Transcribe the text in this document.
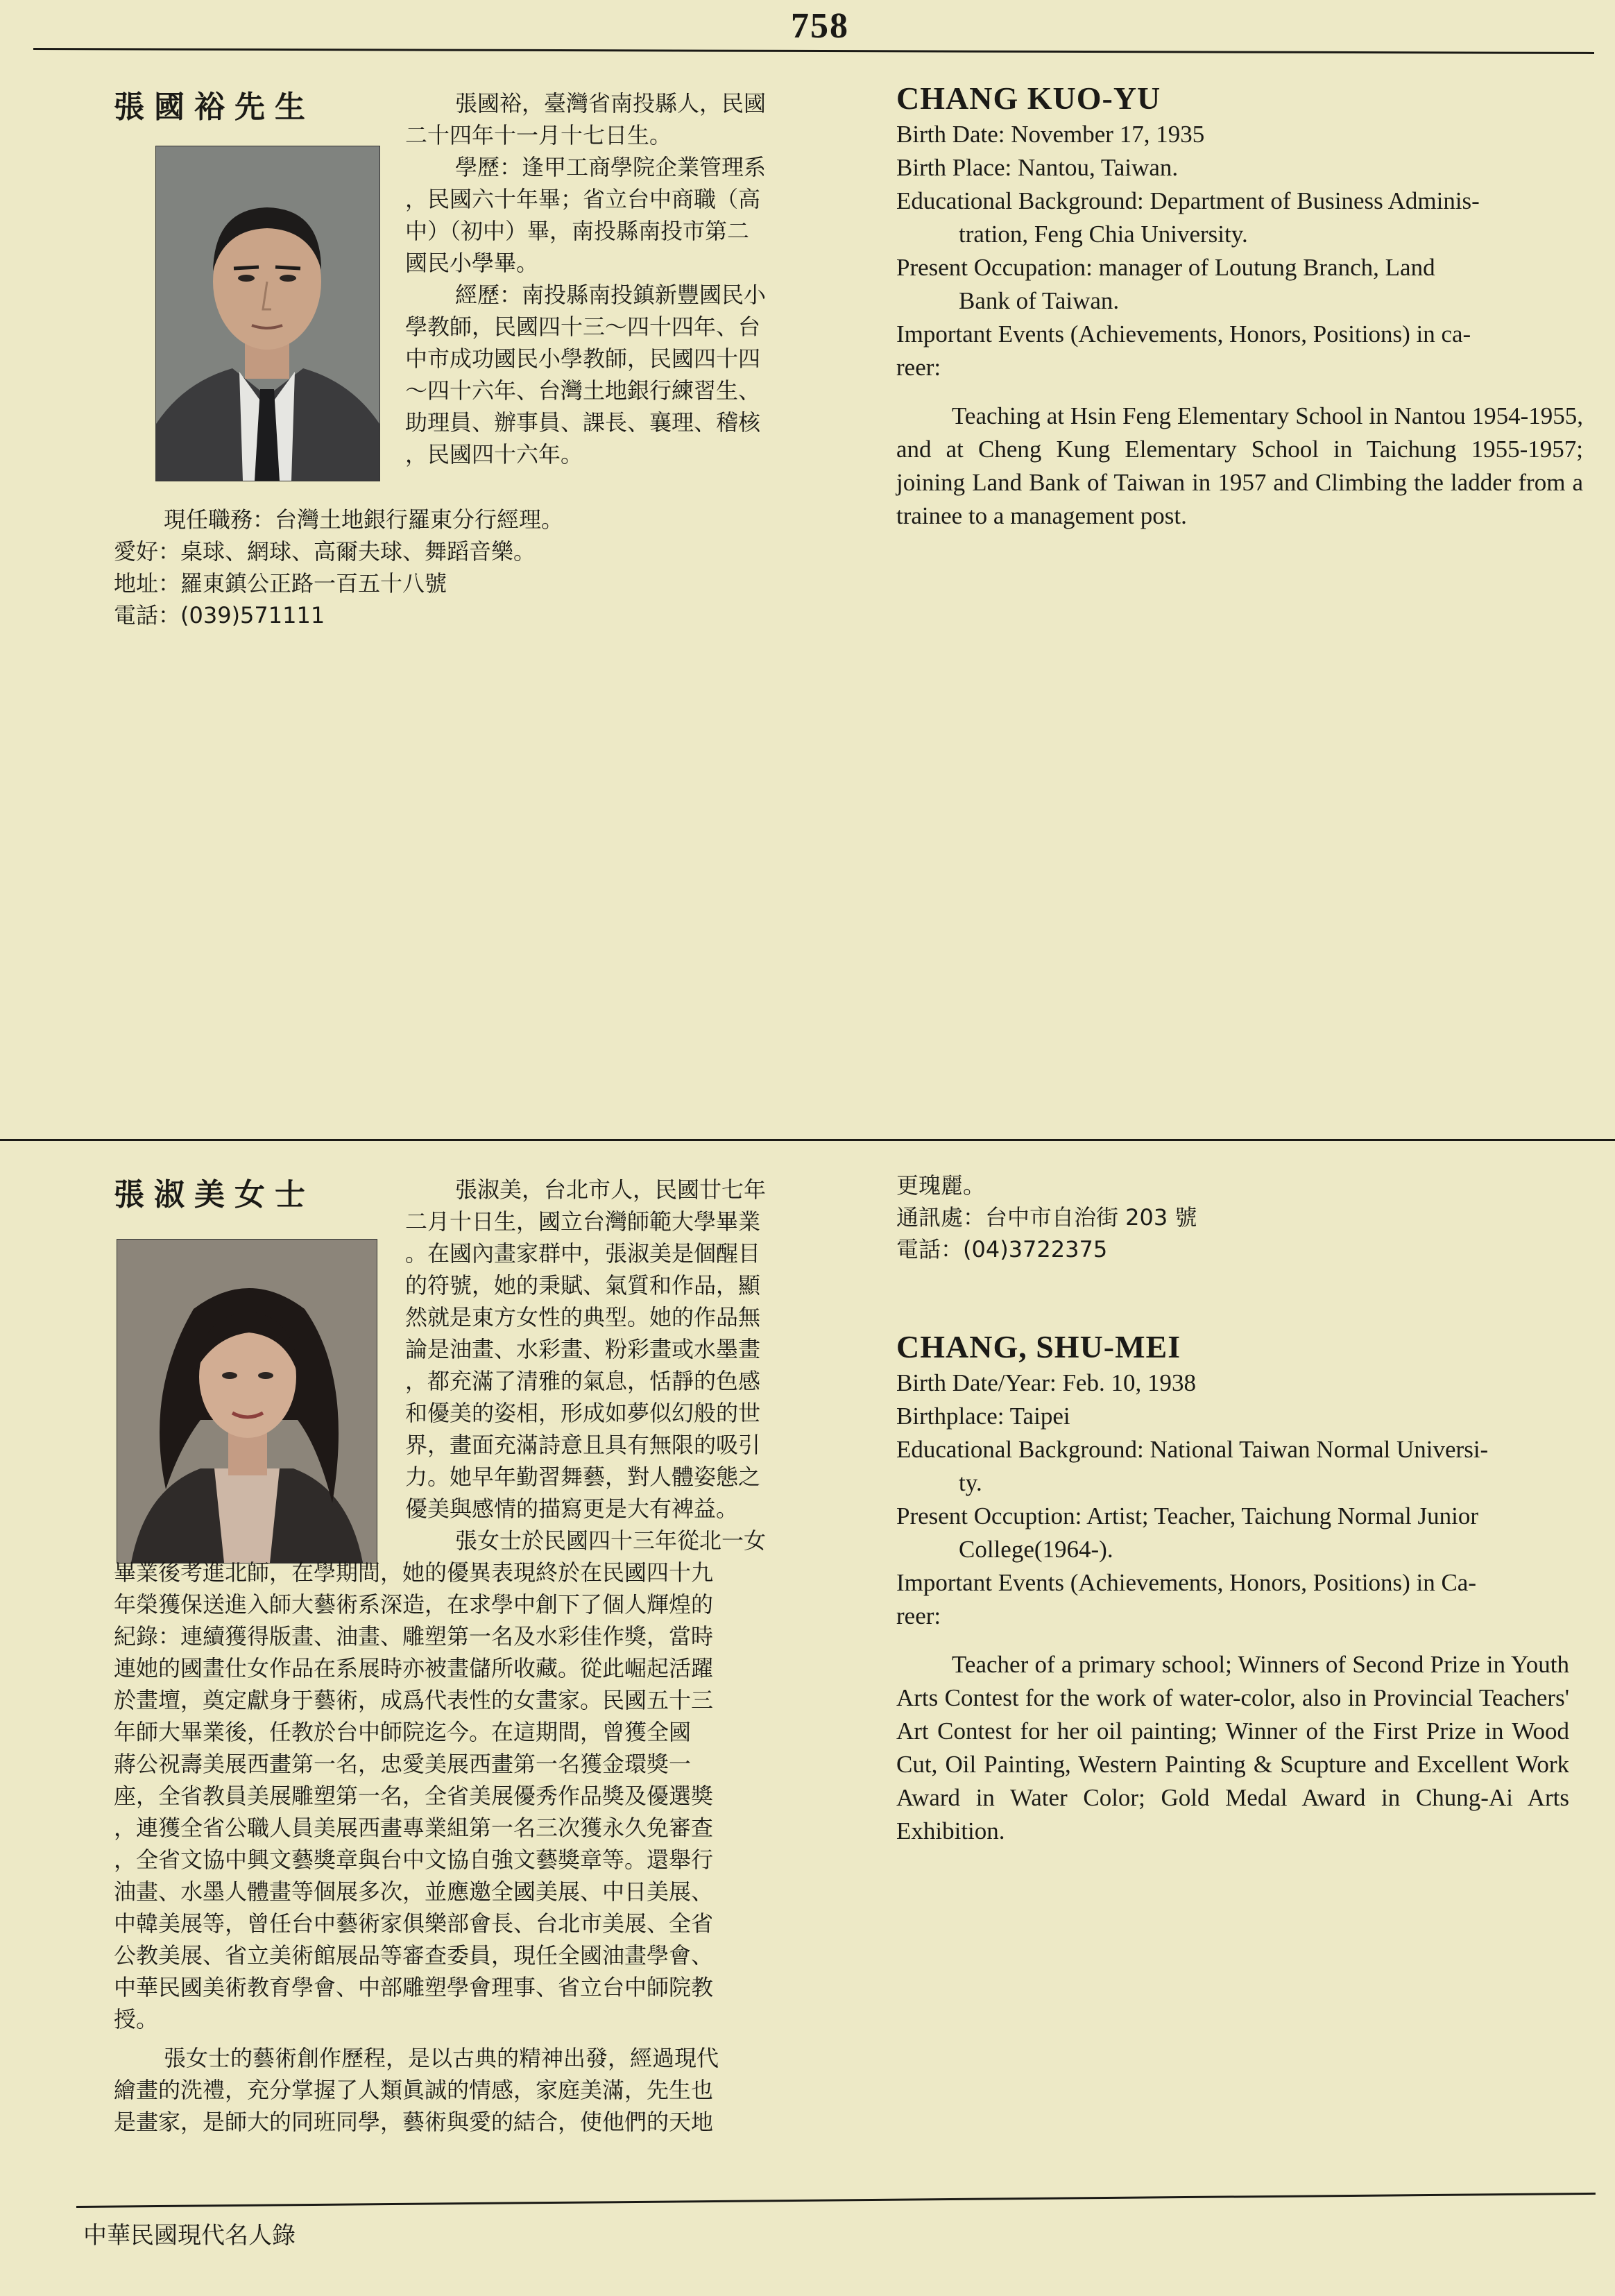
758

張國裕先生	張國裕，臺灣省南投縣人，民國
二十四年十一月十七日生。
學歷：逢甲工商學院企業管理系
，民國六十年畢；省立台中商職（高
中）（初中）畢，南投縣南投市第二
國民小學畢。
經歷：南投縣南投鎮新豐國民小
學教師，民國四十三～四十四年、台
中市成功國民小學教師，民國四十四
～四十六年、台灣土地銀行練習生、
助理員、辦事員、課長、襄理、稽核
，民國四十六年。
現任職務：台灣土地銀行羅東分行經理。
愛好：桌球、網球、高爾夫球、舞蹈音樂。
地址：羅東鎮公正路一百五十八號
電話：(039)571111
CHANG KUO-YU
Birth Date: November 17, 1935
Birth Place: Nantou, Taiwan.
Educational Background: Department of Business Adminis-
tration, Feng Chia University.
Present Occupation: manager of Loutung Branch, Land
Bank of Taiwan.
Important Events (Achievements, Honors, Positions) in ca-
reer:
Teaching at Hsin Feng Elementary School in Nantou 1954-1955, and at Cheng Kung Elementary School in Taichung 1955-1957; joining Land Bank of Taiwan in 1957 and Climbing the ladder from a trainee to a management post.
張淑美女士	張淑美，台北市人，民國廿七年
二月十日生，國立台灣師範大學畢業
。在國內畫家群中，張淑美是個醒目
的符號，她的秉賦、氣質和作品，顯
然就是東方女性的典型。她的作品無
論是油畫、水彩畫、粉彩畫或水墨畫
，都充滿了清雅的氣息，恬靜的色感
和優美的姿相，形成如夢似幻般的世
界，畫面充滿詩意且具有無限的吸引
力。她早年勤習舞藝，對人體姿態之
優美與感情的描寫更是大有裨益。
張女士於民國四十三年從北一女
畢業後考進北師，在學期間，她的優異表現終於在民國四十九
年榮獲保送進入師大藝術系深造，在求學中創下了個人輝煌的
紀錄：連續獲得版畫、油畫、雕塑第一名及水彩佳作獎，當時
連她的國畫仕女作品在系展時亦被畫儲所收藏。從此崛起活躍
於畫壇，奠定獻身于藝術，成爲代表性的女畫家。民國五十三
年師大畢業後，任教於台中師院迄今。在這期間，曾獲全國
蔣公祝壽美展西畫第一名，忠愛美展西畫第一名獲金環獎一
座，全省教員美展雕塑第一名，全省美展優秀作品獎及優選獎
，連獲全省公職人員美展西畫專業組第一名三次獲永久免審查
，全省文協中興文藝獎章與台中文協自強文藝獎章等。還舉行
油畫、水墨人體畫等個展多次，並應邀全國美展、中日美展、
中韓美展等，曾任台中藝術家俱樂部會長、台北市美展、全省
公教美展、省立美術館展品等審查委員，現任全國油畫學會、
中華民國美術教育學會、中部雕塑學會理事、省立台中師院教
授。
張女士的藝術創作歷程，是以古典的精神出發，經過現代
繪畫的洗禮，充分掌握了人類眞誠的情感，家庭美滿，先生也
是畫家，是師大的同班同學，藝術與愛的結合，使他們的天地
更瑰麗。
通訊處：台中市自治街 203 號
電話：(04)3722375
CHANG, SHU-MEI
Birth Date/Year: Feb. 10, 1938
Birthplace: Taipei
Educational Background: National Taiwan Normal Universi-
ty.
Present Occuption: Artist; Teacher, Taichung Normal Junior
College(1964-).
Important Events (Achievements, Honors, Positions) in Ca-
reer:
Teacher of a primary school; Winners of Second Prize in Youth Arts Contest for the work of water-color, also in Provincial Teachers' Art Contest for her oil painting; Winner of the First Prize in Wood Cut, Oil Painting, Western Painting & Scupture and Excellent Work Award in Water Color; Gold Medal Award in Chung-Ai Arts Exhibition.
中華民國現代名人錄
